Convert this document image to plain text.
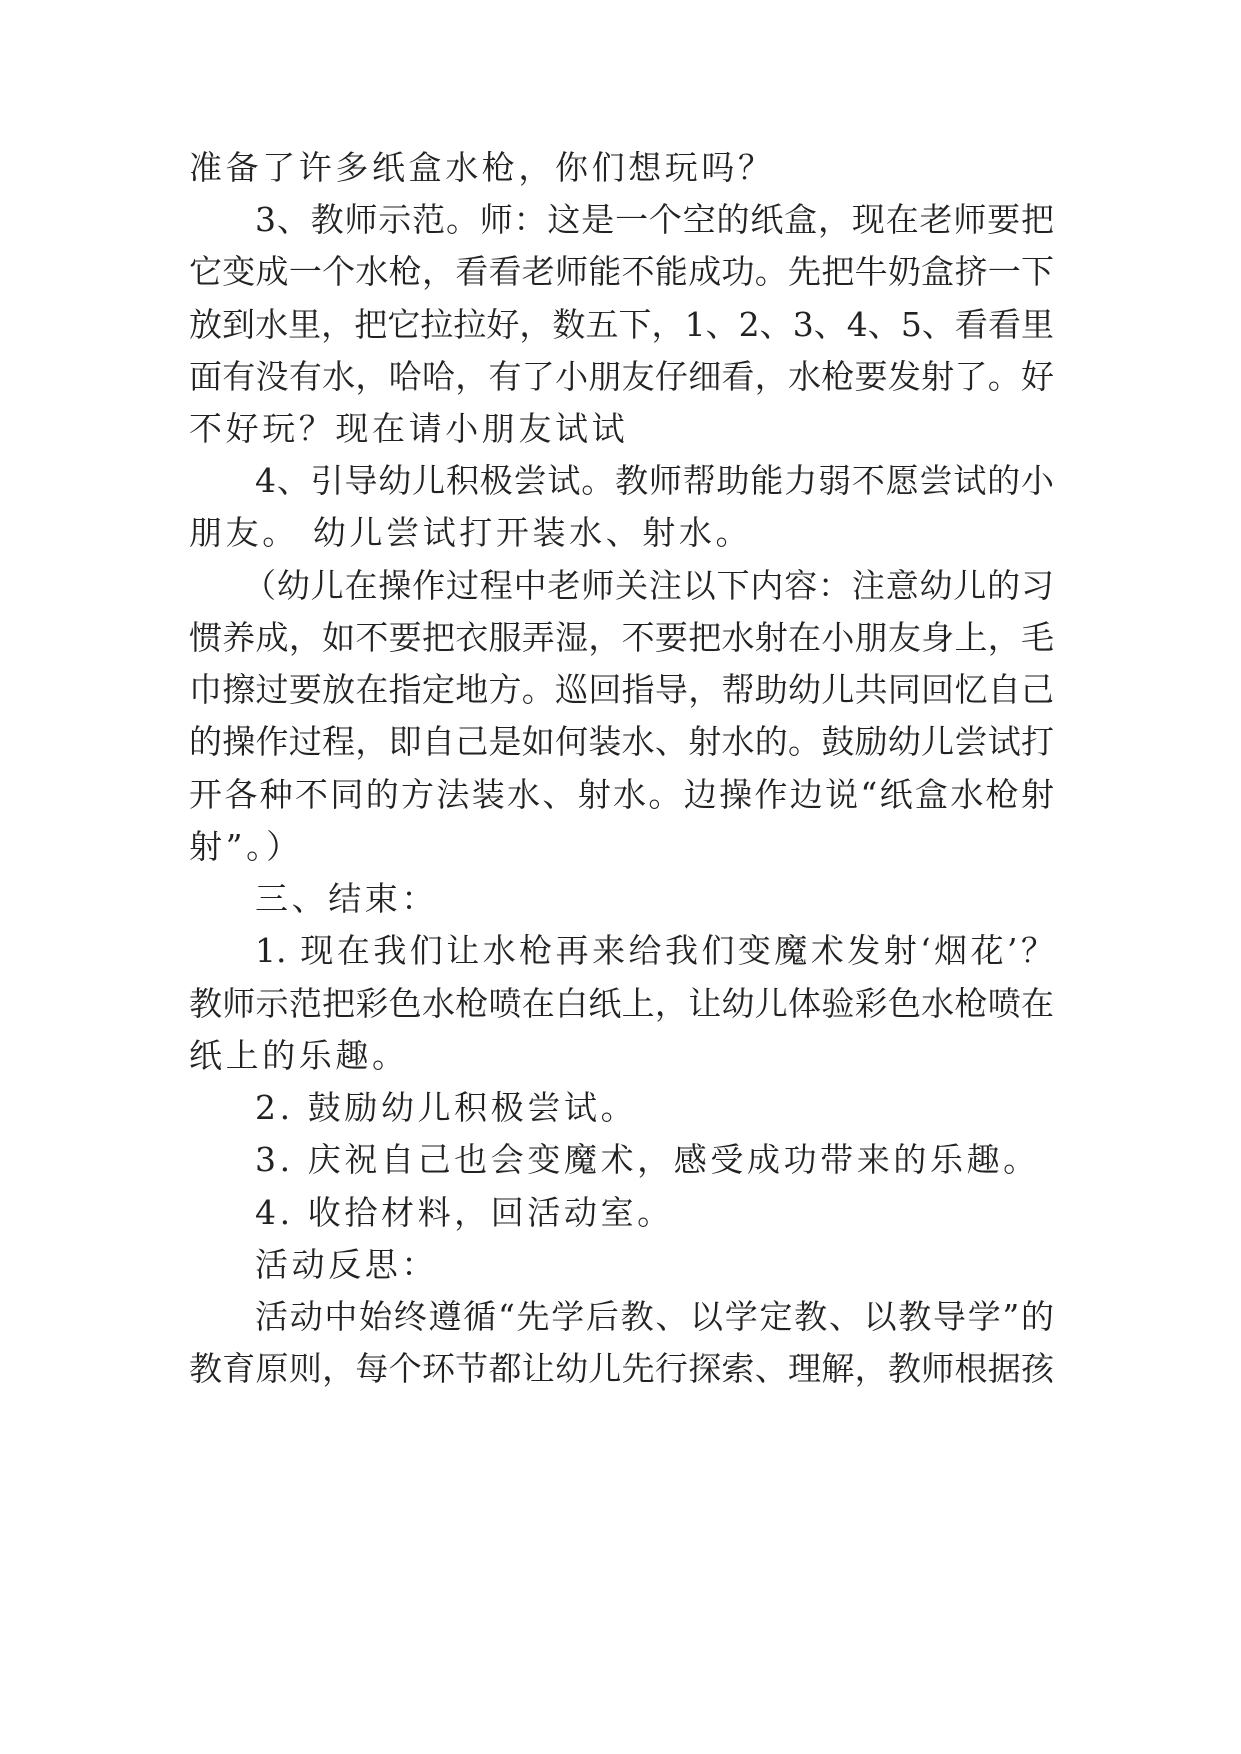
准备了许多纸盒水枪，你们想玩吗？
3、教师示范。师：这是一个空的纸盒，现在老师要把
它变成一个水枪，看看老师能不能成功。先把牛奶盒挤一下
放到水里，把它拉拉好，数五下，1、2、3、4、5、看看里
面有没有水，哈哈，有了小朋友仔细看，水枪要发射了。好
不好玩？现在请小朋友试试
4、引导幼儿积极尝试。教师帮助能力弱不愿尝试的小
朋友。 幼儿尝试打开装水、射水。
（幼儿在操作过程中老师关注以下内容：注意幼儿的习
惯养成，如不要把衣服弄湿，不要把水射在小朋友身上，毛
巾擦过要放在指定地方。巡回指导，帮助幼儿共同回忆自己
的操作过程，即自己是如何装水、射水的。鼓励幼儿尝试打
开各种不同的方法装水、射水。边操作边说“纸盒水枪射
射”。）
三、结束：
1. 现在我们让水枪再来给我们变魔术发射‘烟花’？
教师示范把彩色水枪喷在白纸上，让幼儿体验彩色水枪喷在
纸上的乐趣。
2. 鼓励幼儿积极尝试。
3. 庆祝自己也会变魔术，感受成功带来的乐趣。
4. 收拾材料，回活动室。
活动反思：
活动中始终遵循“先学后教、以学定教、以教导学”的
教育原则，每个环节都让幼儿先行探索、理解，教师根据孩
